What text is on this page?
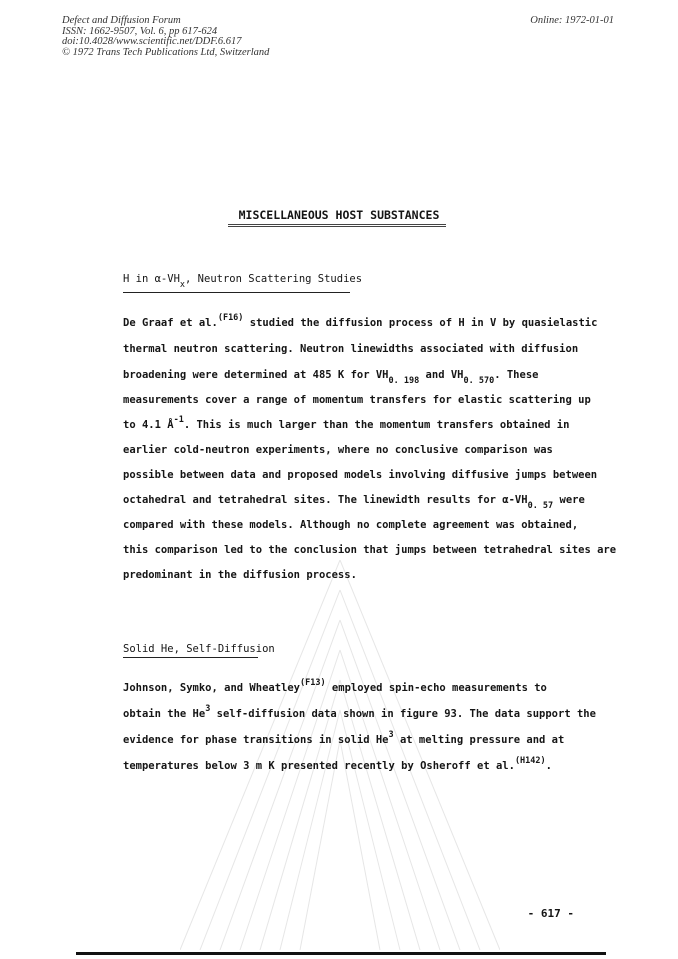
Defect and Diffusion Forum
ISSN: 1662-9507, Vol. 6, pp 617-624
doi:10.4028/www.scientific.net/DDF.6.617
© 1972 Trans Tech Publications Ltd, Switzerland
Online: 1972-01-01
MISCELLANEOUS HOST SUBSTANCES
H in $\alpha-VH_x$, Neutron Scattering Studies
De Graaf et al.$^{(F16)}$ studied the diffusion process of H in V by quasielastic
thermal neutron scattering. Neutron linewidths associated with diffusion
broadening were determined at 485 K for $VH_{0. 198}$ and $VH_{0. 570}$. These
measurements cover a range of momentum transfers for elastic scattering up
to 4.1 $Å^{-1}$. This is much larger than the momentum transfers obtained in
earlier cold-neutron experiments, where no conclusive comparison was
possible between data and proposed models involving diffusive jumps between
octahedral and tetrahedral sites. The linewidth results for $\alpha-VH_{0. 57}$ were
compared with these models. Although no complete agreement was obtained,
this comparison led to the conclusion that jumps between tetrahedral sites are
predominant in the diffusion process.
Solid He, Self-Diffusion
Johnson, Symko, and Wheatley$^{(F13)}$ employed spin-echo measurements to
obtain the He$^3$ self-diffusion data shown in figure 93. The data support the
evidence for phase transitions in solid He$^3$ at melting pressure and at
temperatures below 3 m K presented recently by Osheroff et al.$^{(H142)}$.
- 617 -
